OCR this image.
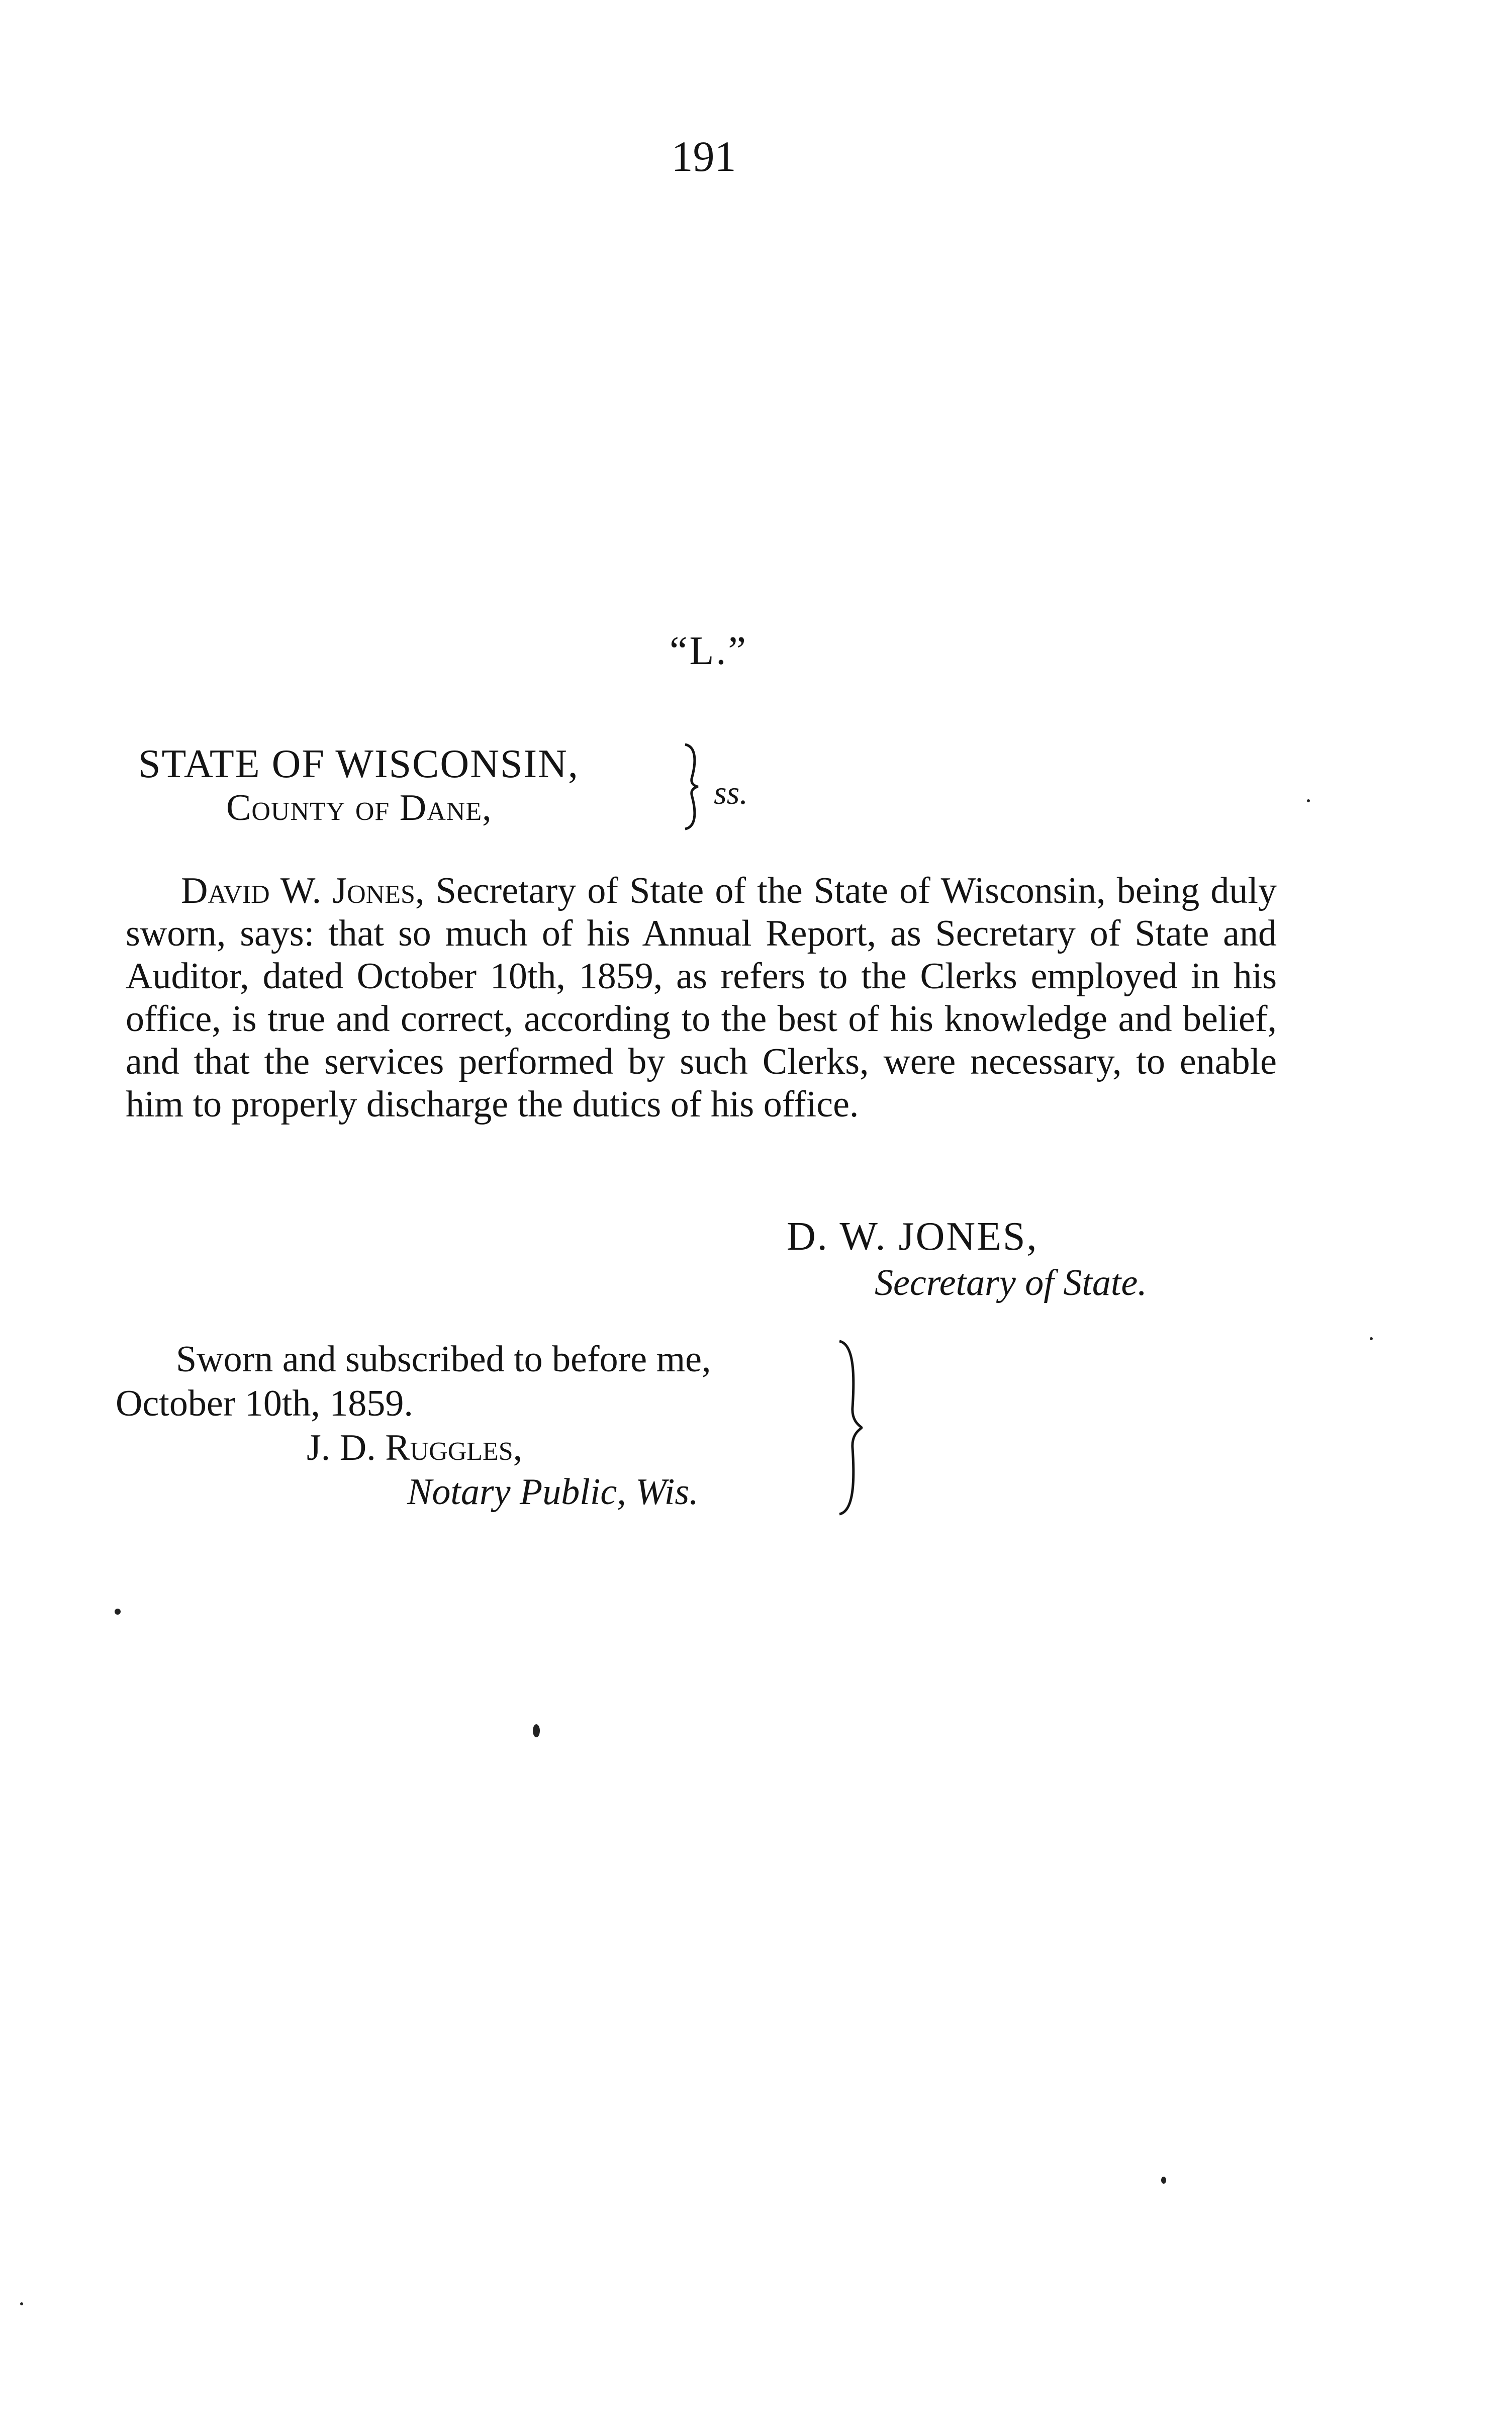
191
“L.”
STATE OF WISCONSIN,
County of Dane,	ss.

David W. Jones, Secretary of State of the State of Wisconsin, being duly sworn, says: that so much of his Annual Report, as Secretary of State and Auditor, dated October 10th, 1859, as refers to the Clerks employed in his office, is true and correct, according to the best of his knowledge and belief, and that the services performed by such Clerks, were necessary, to enable him to properly discharge the dutics of his office.

D. W. JONES,
Secretary of State.
Sworn and subscribed to before me,
October 10th, 1859.
J. D. Ruggles,
Notary Public, Wis.
